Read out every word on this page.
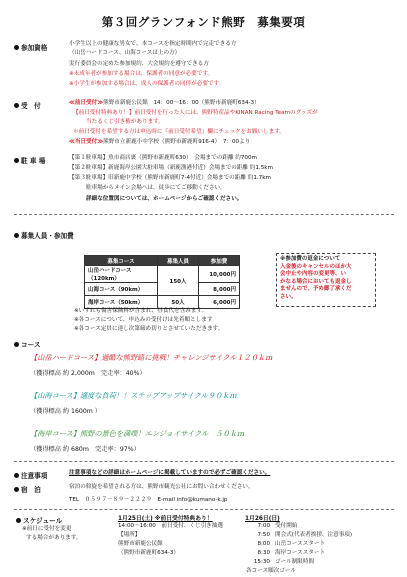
第３回グランフォンド熊野　募集要項
参加資格	小学生以上の健康な男女で、本コースを指定時間内で完走できる方
（山岳ハードコース、山海コースは上の方）
実行委員会の定めた参加規約、大会規約を遵守できる方
※未成年者が参加する場合は、保護者の同意が必要です。
※小学生が参加する場合は、成人の保護者の同伴が必要です。
受　付	≪前日受付≫熊野市新鹿公民館　14：00～16：00（熊野市新鹿町634-3）
【前日受付特典あり！】前日受付を行った人には、熊野特産品やKINAN Racing Teamのグッズが
当たるくじ引き権があります。
＊前日受付を希望する方は申込時に『前日受付希望』欄にチェックをお願いします。
≪当日受付≫熊野市立新鹿小中学校（熊野市新鹿町916-4）　7：00より
駐 車 場	【第１駐車場】魚市商店裏（熊野市新鹿町630）　会場までの距離 約700m
【第２駐車場】新鹿海岸公園大駐車場（新鹿漁港付近）会場までの距離 約1.5km
【第３駐車場】旧新鹿中学校（熊野市新鹿町7-4付近）会場までの距離 約1.7km
駐車場からメイン会場へは、徒歩にてご移動ください。
詳細な位置図については、ホームページからご確認ください。
募集人員・参加費
募集コース	募集人員	参加費
山岳ハードコース（120km）	150人	10,000円
山海コース（90km）		8,000円
海岸コース（50km）	50人	6,000円
※参加費の返金について
入金後のキャンセルのほか大
会中止や内容の変更等、い
かなる場合においても返金し
ませんので、予め御了承くだ
さい。
※いずれも傷害保険料が含まれ、昼食代を含みます。
※各コースについて、申込みの受付けは先着順とします
※各コース定員に達し次第締め切りとさせていただきます。
コース
【山岳ハードコース】過酷な熊野路に挑戦！チャレンジサイクル１２０ｋｍ
（獲得標高 約 2,000m　完走率：40%）
【山海コース】適度な負荷！！ステップアップサイクル９０ｋｍ
（獲得標高 約 1600m ）
【海岸コース】熊野の景色を満喫！エンジョイサイクル　５０ｋｍ
（獲得標高 約 680m　完走率：97%）
注意事項	注意事項などの詳細はホームページに掲載していますので必ずご確認ください。
宿　泊	宿泊の斡旋を希望される方は、熊野市観光公社にお問い合わせください。
TEL　０５９７－８９－２２２９　E-mail info@kumano-k.jp
スケジュール
※前日に受付を変更
する場合があります。
1月25日(土) ※前日受付特典あり！
14:00～16:00　前日受付、くじ引き抽選
【場所】
熊野市新鹿公民館
（熊野市新鹿町634-3）
1月26日(日)
7:00 受付開始
7:50 開会式(代表者挨拶、注意事項)
8:00 山岳コーススタート
8:30 海岸コーススタート
15:30 ゴール制限時間
各コース順次ゴール
